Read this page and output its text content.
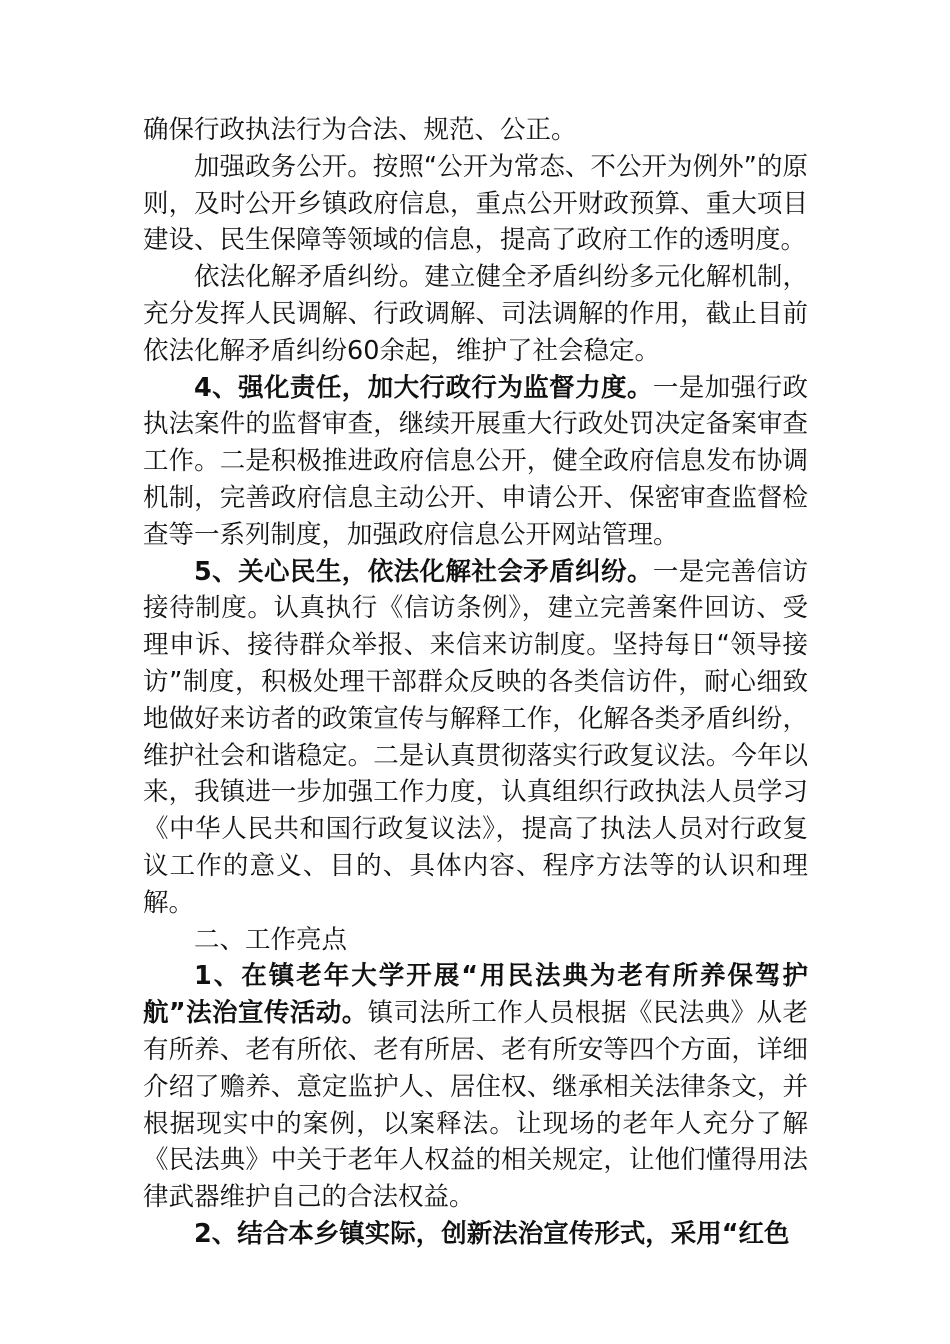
确保行政执法行为合法、规范、公正。

加强政务公开。按照“公开为常态、不公开为例外”的原则，及时公开乡镇政府信息，重点公开财政预算、重大项目建设、民生保障等领域的信息，提高了政府工作的透明度。

依法化解矛盾纠纷。建立健全矛盾纠纷多元化解机制，充分发挥人民调解、行政调解、司法调解的作用，截止目前依法化解矛盾纠纷60余起，维护了社会稳定。

4、强化责任，加大行政行为监督力度。一是加强行政执法案件的监督审查，继续开展重大行政处罚决定备案审查工作。二是积极推进政府信息公开，健全政府信息发布协调机制，完善政府信息主动公开、申请公开、保密审查监督检查等一系列制度，加强政府信息公开网站管理。

5、关心民生，依法化解社会矛盾纠纷。一是完善信访接待制度。认真执行《信访条例》，建立完善案件回访、受理申诉、接待群众举报、来信来访制度。坚持每日“领导接访”制度，积极处理干部群众反映的各类信访件，耐心细致地做好来访者的政策宣传与解释工作，化解各类矛盾纠纷，维护社会和谐稳定。二是认真贯彻落实行政复议法。今年以来，我镇进一步加强工作力度，认真组织行政执法人员学习《中华人民共和国行政复议法》，提高了执法人员对行政复议工作的意义、目的、具体内容、程序方法等的认识和理解。

二、工作亮点

1、在镇老年大学开展“用民法典为老有所养保驾护航”法治宣传活动。镇司法所工作人员根据《民法典》从老有所养、老有所依、老有所居、老有所安等四个方面，详细介绍了赡养、意定监护人、居住权、继承相关法律条文，并根据现实中的案例，以案释法。让现场的老年人充分了解《民法典》中关于老年人权益的相关规定，让他们懂得用法律武器维护自己的合法权益。

2、结合本乡镇实际，创新法治宣传形式，采用“红色
